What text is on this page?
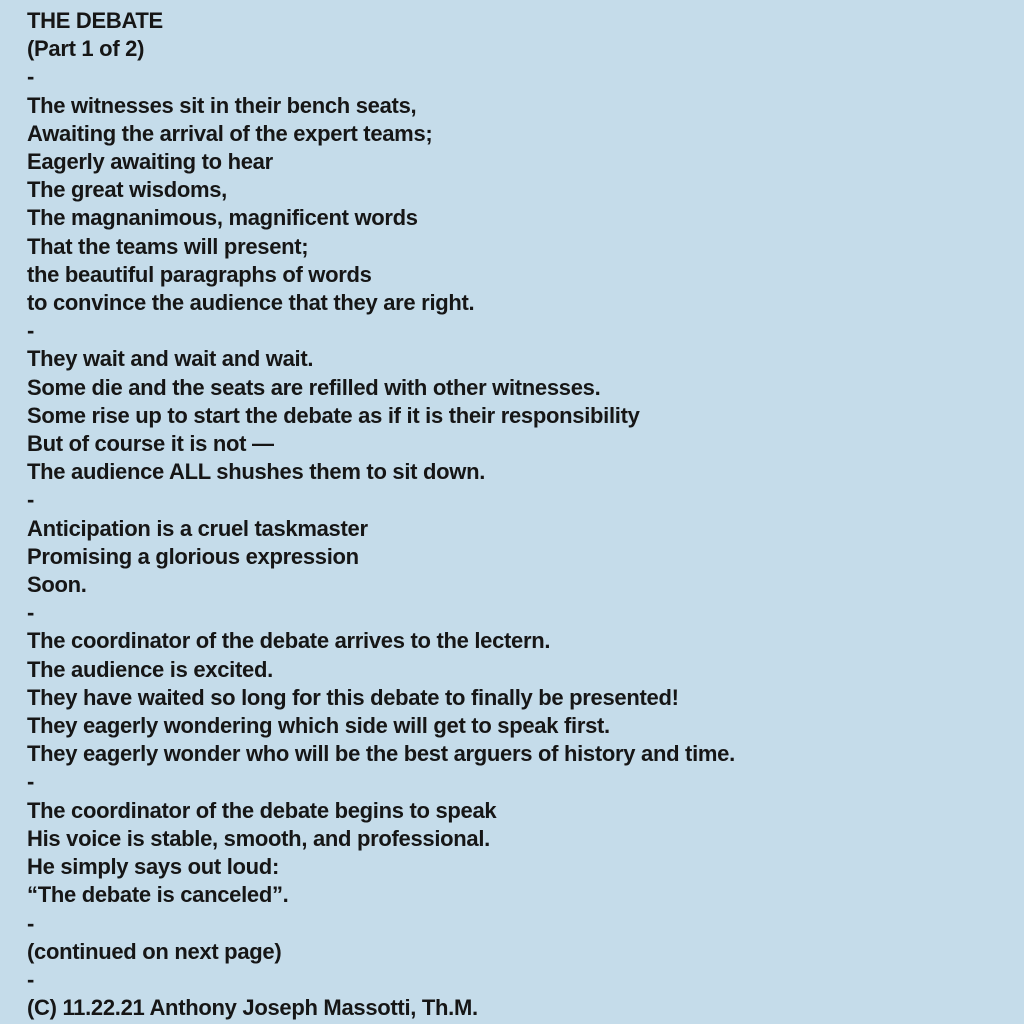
THE DEBATE
(Part 1 of 2)
-
The witnesses sit in their bench seats,
Awaiting the arrival of the expert teams;
Eagerly awaiting to hear
The great wisdoms,
The magnanimous, magnificent words
That the teams will present;
the beautiful paragraphs of words
to convince the audience that they are right.
-
They wait and wait and wait.
Some die and the seats are refilled with other witnesses.
Some rise up to start the debate as if it is their responsibility
But of course it is not —
The audience ALL shushes them to sit down.
-
Anticipation is a cruel taskmaster
Promising a glorious expression
Soon.
-
The coordinator of the debate arrives to the lectern.
The audience is excited.
They have waited so long for this debate to finally be presented!
They eagerly wondering which side will get to speak first.
They eagerly wonder who will be the best arguers of history and time.
-
The coordinator of the debate begins to speak
His voice is stable, smooth, and professional.
He simply says out loud:
“The debate is canceled”.
-
(continued on next page)
-
(C) 11.22.21 Anthony Joseph Massotti, Th.M.
